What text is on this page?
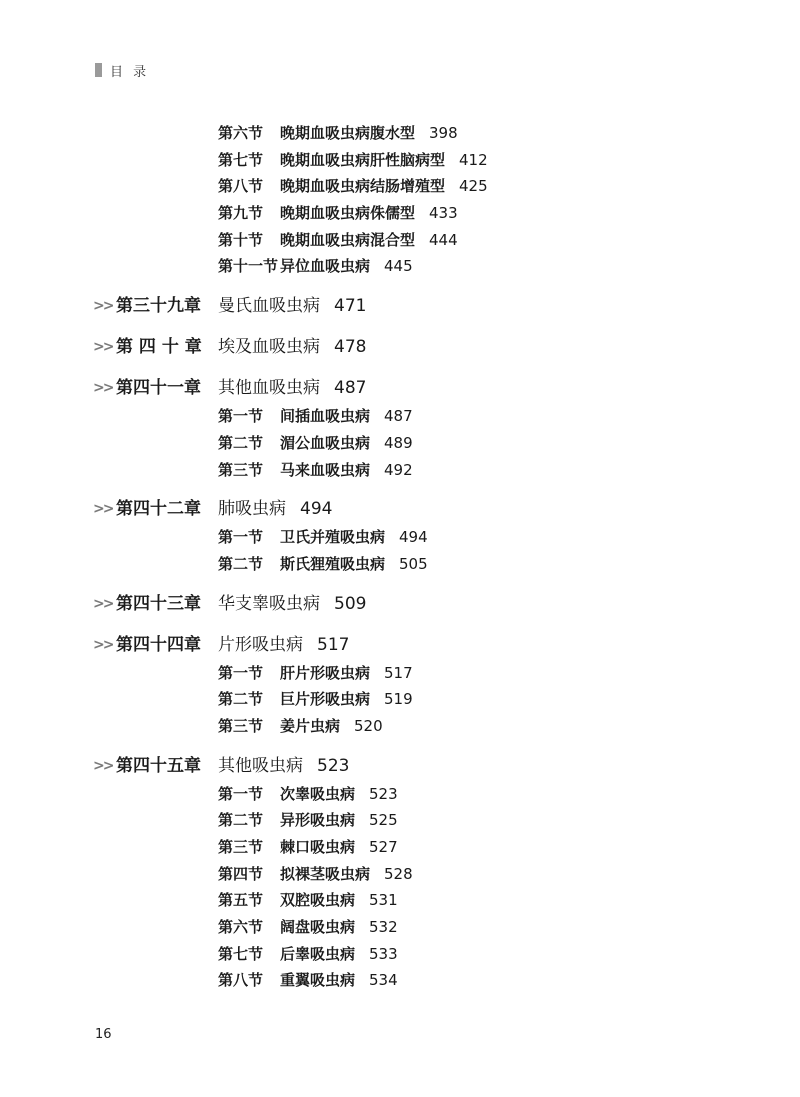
目 录
第六节 晚期血吸虫病腹水型 398
第七节 晚期血吸虫病肝性脑病型 412
第八节 晚期血吸虫病结肠增殖型 425
第九节 晚期血吸虫病侏儒型 433
第十节 晚期血吸虫病混合型 444
第十一节 异位血吸虫病 445
>> 第三十九章 曼氏血吸虫病 471
>> 第 四 十 章 埃及血吸虫病 478
>> 第四十一章 其他血吸虫病 487
第一节 间插血吸虫病 487
第二节 湄公血吸虫病 489
第三节 马来血吸虫病 492
>> 第四十二章 肺吸虫病 494
第一节 卫氏并殖吸虫病 494
第二节 斯氏狸殖吸虫病 505
>> 第四十三章 华支睾吸虫病 509
>> 第四十四章 片形吸虫病 517
第一节 肝片形吸虫病 517
第二节 巨片形吸虫病 519
第三节 姜片虫病 520
>> 第四十五章 其他吸虫病 523
第一节 次睾吸虫病 523
第二节 异形吸虫病 525
第三节 棘口吸虫病 527
第四节 拟裸茎吸虫病 528
第五节 双腔吸虫病 531
第六节 阔盘吸虫病 532
第七节 后睾吸虫病 533
第八节 重翼吸虫病 534
16
